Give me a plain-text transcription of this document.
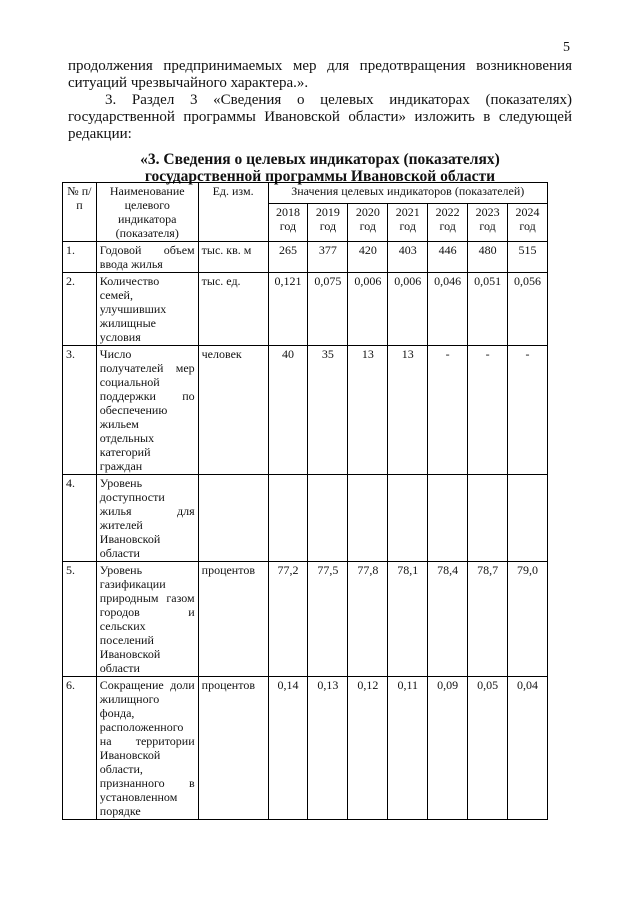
5

продолжения предпринимаемых мер для предотвращения возникновения ситуаций чрезвычайного характера.».

3. Раздел 3 «Сведения о целевых индикаторах (показателях) государственной программы Ивановской области» изложить в следующей редакции:

«3. Сведения о целевых индикаторах (показателях)
государственной программы Ивановской области
№ п/п	Наименование целевого индикатора (показателя)	Ед. изм.	Значения целевых индикаторов (показателей)						
			2018 год	2019 год	2020 год	2021 год	2022 год	2023 год	2024 год
1.	Годовой объем ввода жилья	тыс. кв. м	265	377	420	403	446	480	515
2.	Количество семей, улучшивших жилищные условия	тыс. ед.	0,121	0,075	0,006	0,006	0,046	0,051	0,056
3.	Число получателей мер социальной поддержки по обеспечению жильем отдельных категорий граждан	человек	40	35	13	13	-	-	-
4.	Уровень доступности жилья для жителей Ивановской области								
5.	Уровень газификации природным газом городов и сельских поселений Ивановской области	процентов	77,2	77,5	77,8	78,1	78,4	78,7	79,0
6.	Сокращение доли жилищного фонда, расположенного на территории Ивановской области, признанного в установленном порядке	процентов	0,14	0,13	0,12	0,11	0,09	0,05	0,04
